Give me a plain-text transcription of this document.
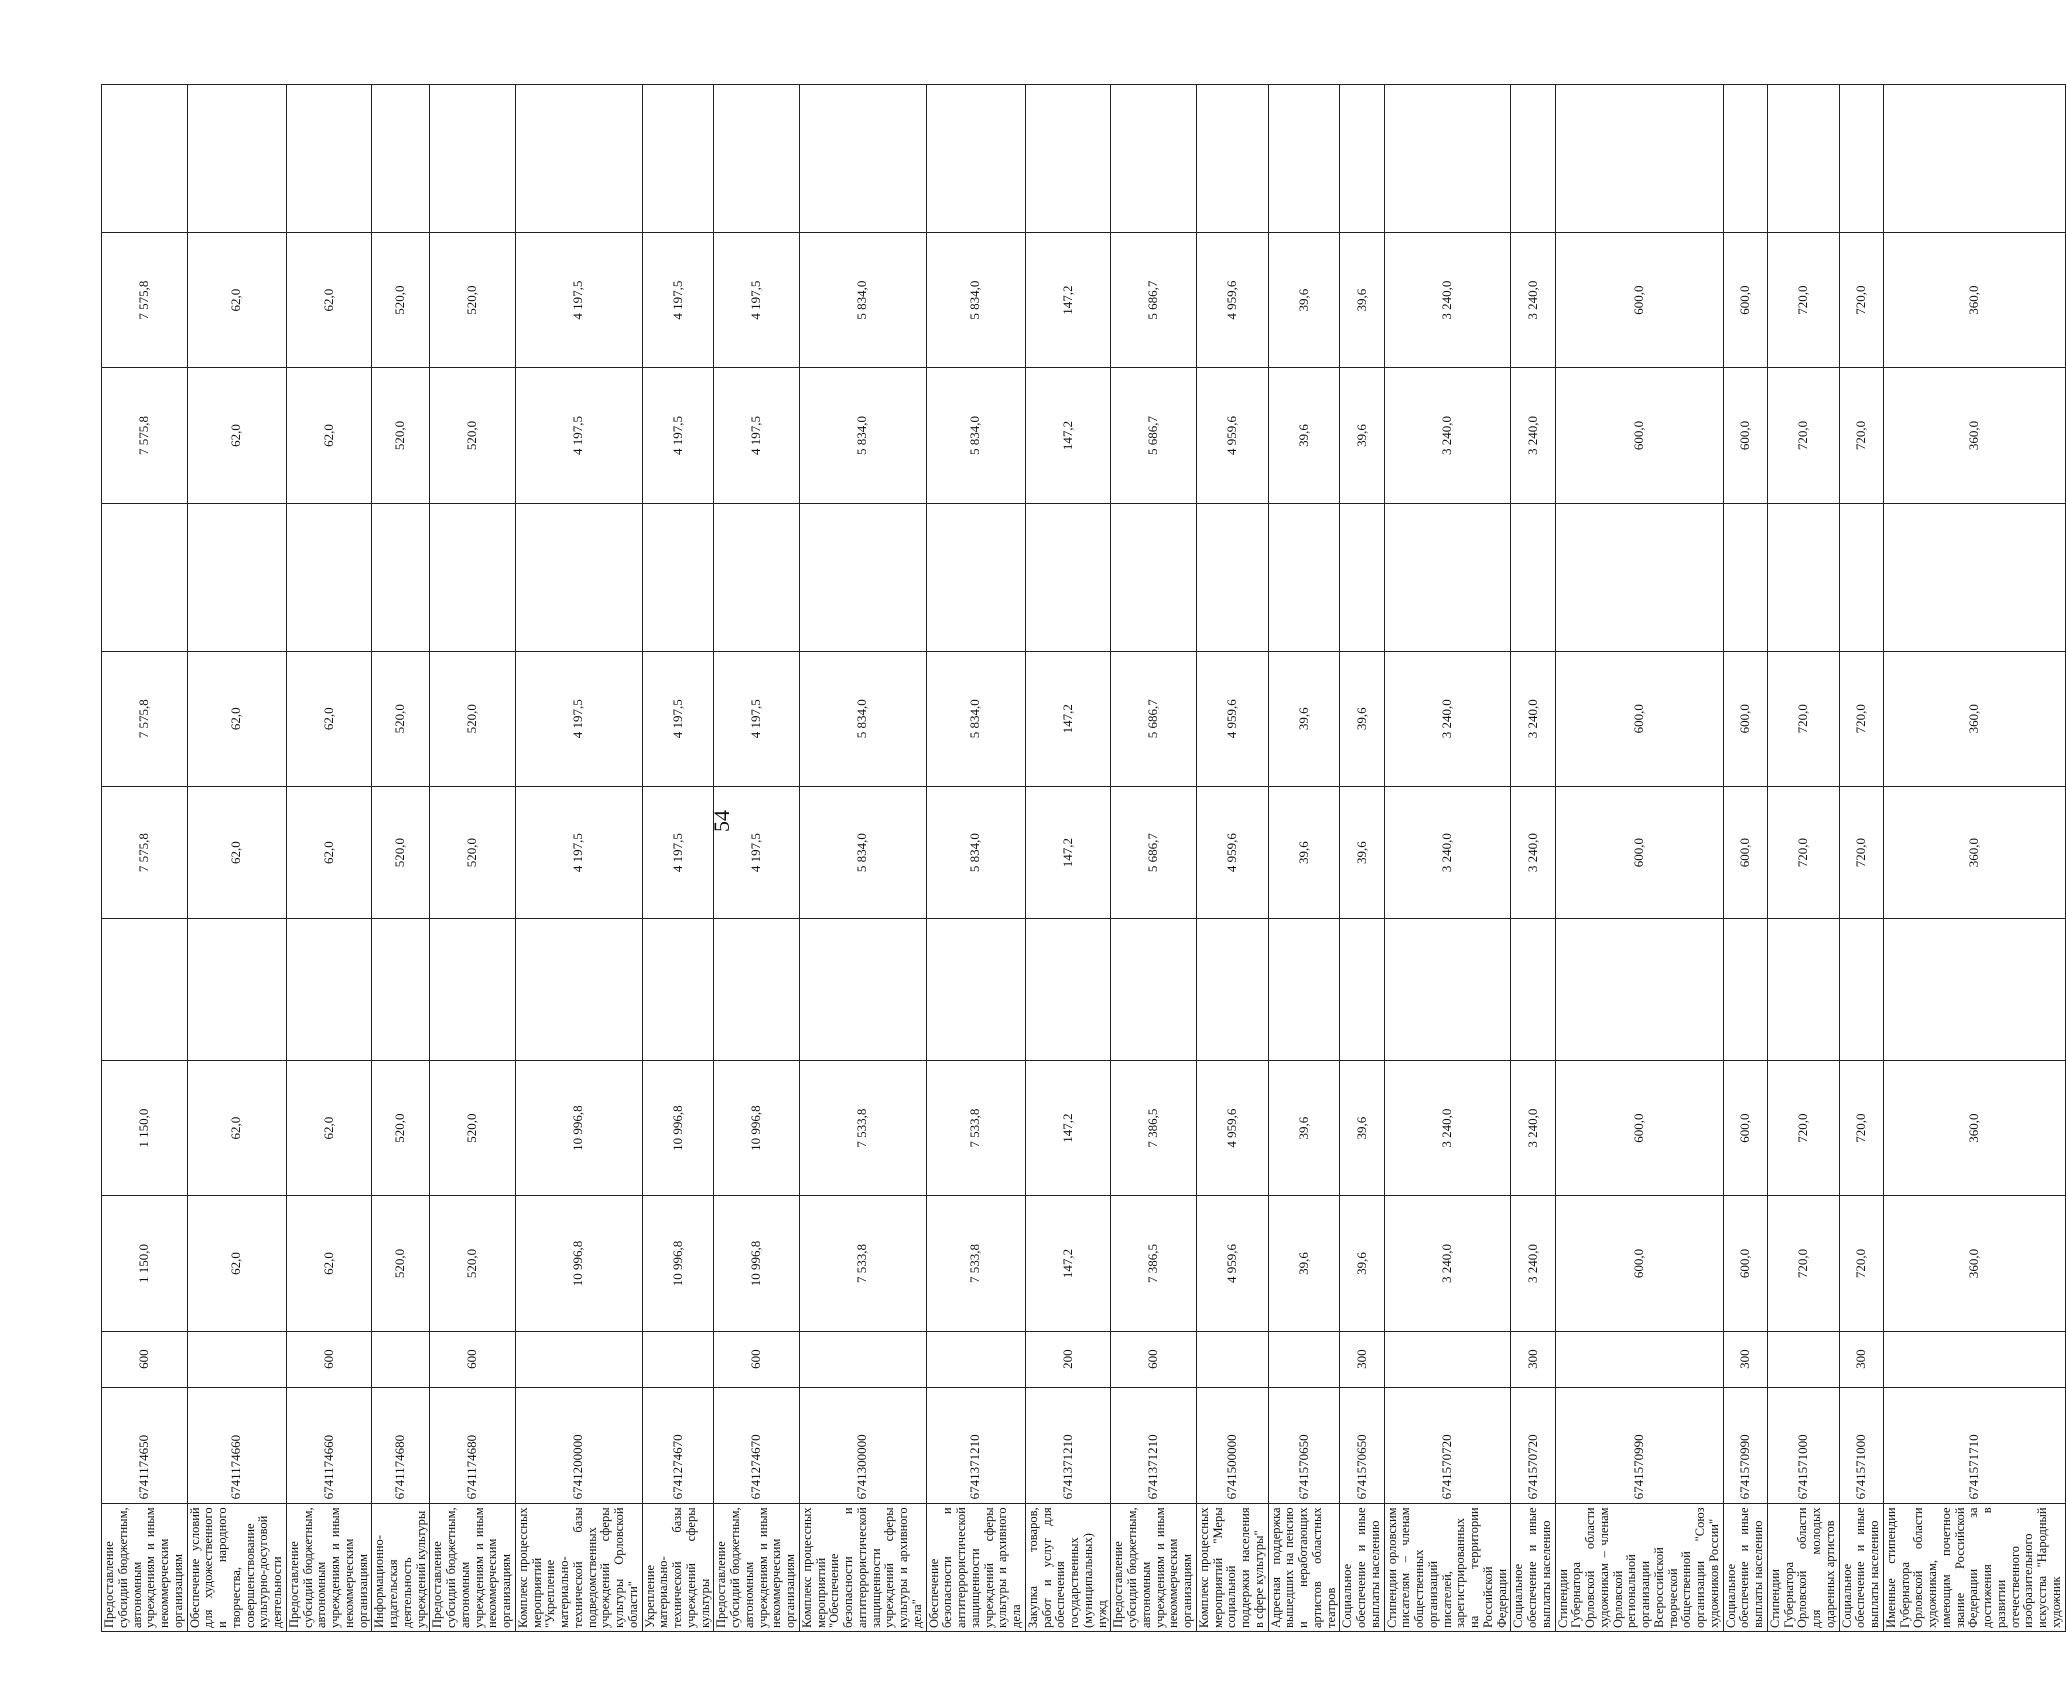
54
Предоставление субсидий бюджетным, автономным учреждениям и иным некоммерческим организациям	6741174650	600	1 150,0	1 150,0		7 575,8	7 575,8		7 575,8	7 575,8	
Обеспечение условий для художественного и народного творчества, совершенствование культурно-досуговой деятельности	6741174660		62,0	62,0		62,0	62,0		62,0	62,0	
Предоставление субсидий бюджетным, автономным учреждениям и иным некоммерческим организациям	6741174660	600	62,0	62,0		62,0	62,0		62,0	62,0	
Информационно-издательская деятельность учреждений культуры	6741174680		520,0	520,0		520,0	520,0		520,0	520,0	
Предоставление субсидий бюджетным, автономным учреждениям и иным некоммерческим организациям	6741174680	600	520,0	520,0		520,0	520,0		520,0	520,0	
Комплекс процессных мероприятий "Укрепление материально-технической базы подведомственных учреждений сферы культуры Орловской области"	6741200000		10 996,8	10 996,8		4 197,5	4 197,5		4 197,5	4 197,5	
Укрепление материально-технической базы учреждений сферы культуры	6741274670		10 996,8	10 996,8		4 197,5	4 197,5		4 197,5	4 197,5	
Предоставление субсидий бюджетным, автономным учреждениям и иным некоммерческим организациям	6741274670	600	10 996,8	10 996,8		4 197,5	4 197,5		4 197,5	4 197,5	
Комплекс процессных мероприятий "Обеспечение безопасности и антитеррористической защищенности учреждений сферы культуры и архивного дела"	6741300000		7 533,8	7 533,8		5 834,0	5 834,0		5 834,0	5 834,0	
Обеспечение безопасности и антитеррористической защищенности учреждений сферы культуры и архивного дела	6741371210		7 533,8	7 533,8		5 834,0	5 834,0		5 834,0	5 834,0	
Закупка товаров, работ и услуг для обеспечения государственных (муниципальных) нужд	6741371210	200	147,2	147,2		147,2	147,2		147,2	147,2	
Предоставление субсидий бюджетным, автономным учреждениям и иным некоммерческим организациям	6741371210	600	7 386,5	7 386,5		5 686,7	5 686,7		5 686,7	5 686,7	
Комплекс процессных мероприятий "Меры социальной поддержки населения в сфере культуры"	6741500000		4 959,6	4 959,6		4 959,6	4 959,6		4 959,6	4 959,6	
Адресная поддержка вышедших на пенсию и неработающих артистов областных театров	6741570650		39,6	39,6		39,6	39,6		39,6	39,6	
Социальное обеспечение и иные выплаты населению	6741570650	300	39,6	39,6		39,6	39,6		39,6	39,6	
Стипендии орловским писателям – членам общественных организаций писателей, зарегистрированных на территории Российской Федерации	6741570720		3 240,0	3 240,0		3 240,0	3 240,0		3 240,0	3 240,0	
Социальное обеспечение и иные выплаты населению	6741570720	300	3 240,0	3 240,0		3 240,0	3 240,0		3 240,0	3 240,0	
Стипендии Губернатора Орловской области художникам – членам Орловской региональной организации Всероссийской творческой общественной организации "Союз художников России"	6741570990		600,0	600,0		600,0	600,0		600,0	600,0	
Социальное обеспечение и иные выплаты населению	6741570990	300	600,0	600,0		600,0	600,0		600,0	600,0	
Стипендии Губернатора Орловской области для молодых одаренных артистов	6741571000		720,0	720,0		720,0	720,0		720,0	720,0	
Социальное обеспечение и иные выплаты населению	6741571000	300	720,0	720,0		720,0	720,0		720,0	720,0	
Именные стипендии Губернатора Орловской области художникам, имеющим почетное звание Российской Федерации за достижения в развитии отечественного изобразительного искусства "Народный художник	6741571710		360,0	360,0		360,0	360,0		360,0	360,0	
